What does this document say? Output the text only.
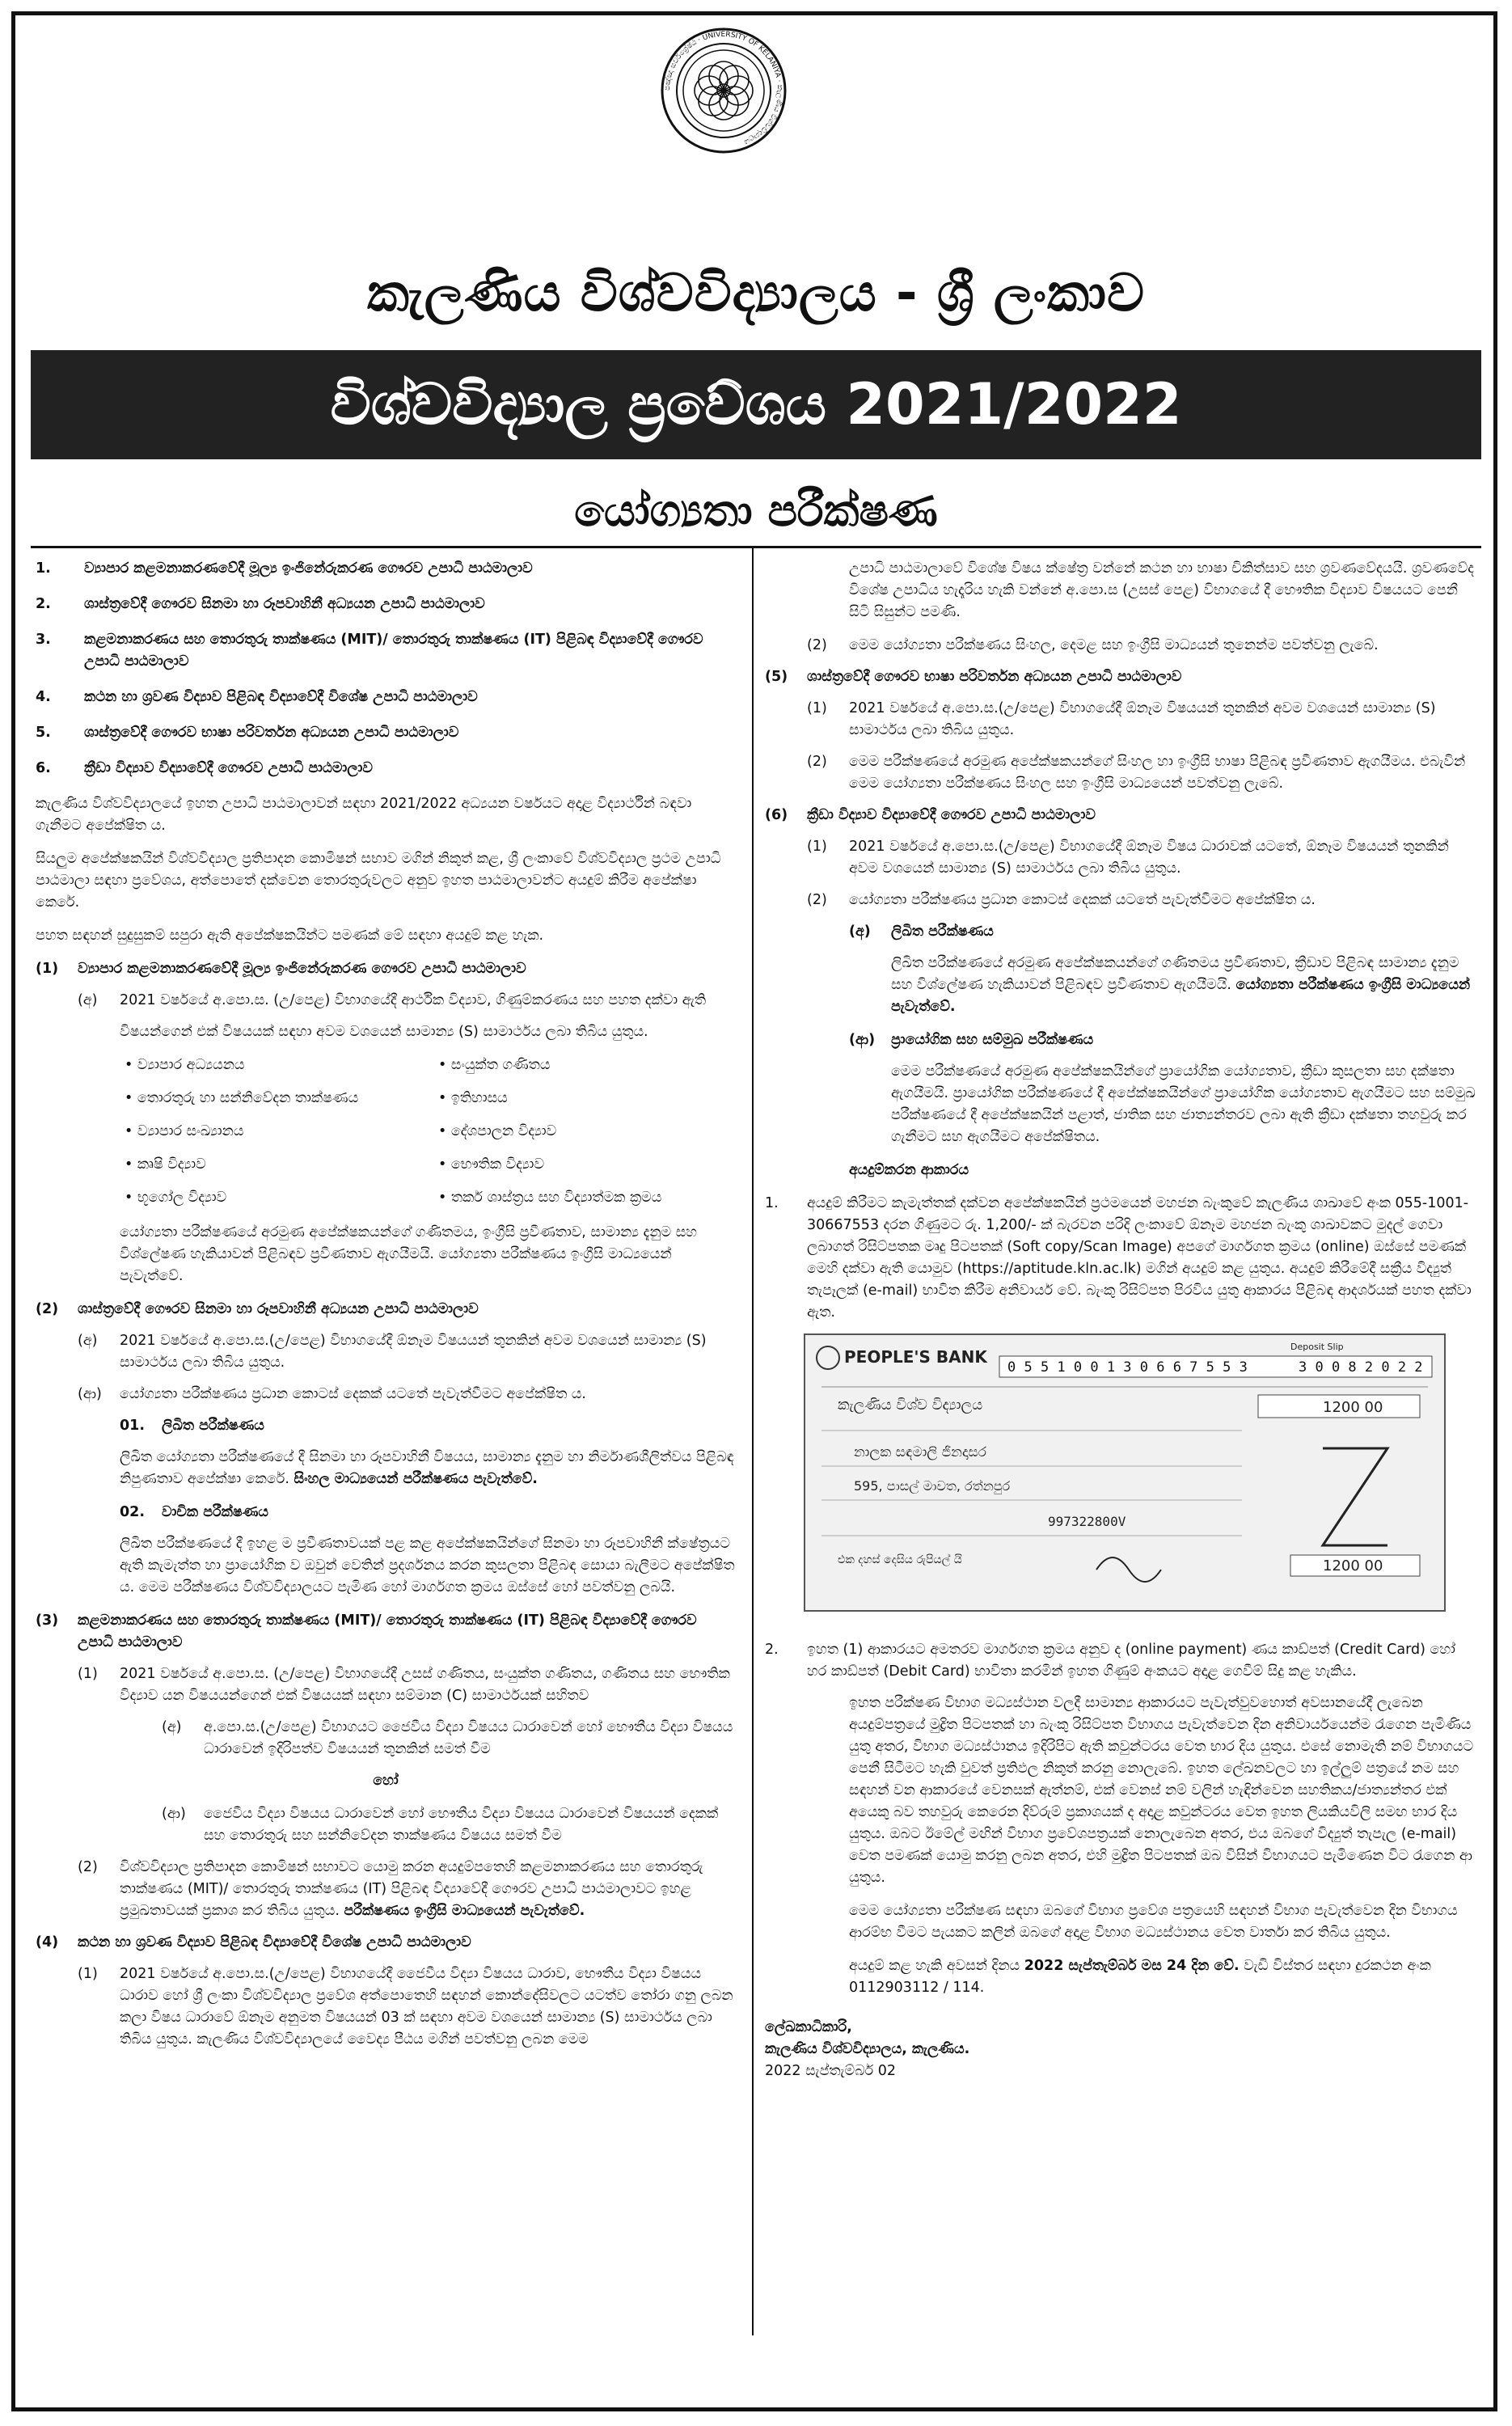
පඤ්ඤා සර්වශ්‍රේෂ්ඨ · UNIVERSITY OF KELANIYA · කැලණිය විශ්වවිද්‍යාලය
කැලණිය විශ්වවිද්‍යාලය - ශ්‍රී ලංකාව
විශ්වවිද්‍යාල ප්‍රවේශය 2021/2022
යෝග්‍යතා පරීක්ෂණ
1.	ව්‍යාපාර කළමනාකරණවේදී මූල්‍ය ඉංජිනේරුකරණ ගෞරව උපාධි පාඨමාලාව
2.	ශාස්ත්‍රවේදී ගෞරව සිනමා හා රූපවාහිනී අධ්‍යයන උපාධි පාඨමාලාව
3.	කළමනාකරණය සහ තොරතුරු තාක්ෂණය (MIT)/ තොරතුරු තාක්ෂණය (IT) පිළිබඳ විද්‍යාවේදී ගෞරව උපාධි පාඨමාලාව
4.	කථන හා ශ්‍රවණ විද්‍යාව පිළිබඳ විද්‍යාවේදී විශේෂ උපාධි පාඨමාලාව
5.	ශාස්ත්‍රවේදී ගෞරව භාෂා පරිවර්තන අධ්‍යයන උපාධි පාඨමාලාව
6.	ක්‍රීඩා විද්‍යාව විද්‍යාවේදී ගෞරව උපාධි පාඨමාලාව

කැලණිය විශ්වවිද්‍යාලයේ ඉහත උපාධි පාඨමාලාවන් සඳහා 2021/2022 අධ්‍යයන වර්ෂයට අදාළ විද්‍යාර්ථීන් බඳවා ගැනීමට අපේක්ෂිත ය.

සියලුම අපේක්ෂකයින් විශ්වවිද්‍යාල ප්‍රතිපාදන කොමිෂන් සභාව මගින් නිකුත් කළ, ශ්‍රී ලංකාවේ විශ්වවිද්‍යාල ප්‍රථම උපාධි පාඨමාලා සඳහා ප්‍රවේශය, අත්පොතේ දක්වෙන තොරතුරුවලට අනුව ඉහත පාඨමාලාවන්ට අයදුම් කිරීම අපේක්ෂා කෙරේ.

පහත සඳහන් සුදුසුකම් සපුරා ඇති අපේක්ෂකයින්ට පමණක් මේ සඳහා අයදුම් කළ හැක.

(1)	ව්‍යාපාර කළමනාකරණවේදී මූල්‍ය ඉංජිනේරුකරණ ගෞරව උපාධි පාඨමාලාව
(අ)	2021 වර්ෂයේ අ.පො.ස. (උ/පෙළ) විභාගයේදී ආර්ථික විද්‍යාව, ගිණුම්කරණය සහ පහත දක්වා ඇති

විෂයන්ගෙන් එක් විෂයයක් සඳහා අවම වශයෙන් සාමාන්‍ය (S) සාමාර්ථය ලබා තිබිය යුතුය.

• ව්‍යාපාර අධ්‍යයනය	• සංයුක්ත ගණිතය
• තොරතුරු හා සන්නිවේදන තාක්ෂණය	• ඉතිහාසය
• ව්‍යාපාර සංඛ්‍යානය	• දේශපාලන විද්‍යාව
• කෘෂි විද්‍යාව	• භෞතික විද්‍යාව
• භූගෝල විද්‍යාව	• තර්ක ශාස්ත්‍රය සහ විද්‍යාත්මක ක්‍රමය

යෝග්‍යතා පරීක්ෂණයේ අරමුණ අපේක්ෂකයන්ගේ ගණිතමය, ඉංග්‍රීසි ප්‍රවීණතාව, සාමාන්‍ය දැනුම සහ විශ්ලේෂණ හැකියාවන් පිළිබඳව ප්‍රවීණතාව ඇගයීමයි. යෝග්‍යතා පරීක්ෂණය ඉංග්‍රීසි මාධ්‍යයෙන් පැවැත්වේ.

(2)	ශාස්ත්‍රවේදී ගෞරව සිනමා හා රූපවාහිනී අධ්‍යයන උපාධි පාඨමාලාව
(අ)	2021 වර්ෂයේ අ.පො.ස.(උ/පෙළ) විභාගයේදී ඕනෑම විෂයයන් තුනකින් අවම වශයෙන් සාමාන්‍ය (S) සාමාර්ථය ලබා තිබිය යුතුය.
(ආ)	යෝග්‍යතා පරීක්ෂණය ප්‍රධාන කොටස් දෙකක් යටතේ පැවැත්වීමට අපේක්ෂිත ය.
01.	ලිඛිත පරීක්ෂණය

ලිඛිත යෝග්‍යතා පරීක්ෂණයේ දී සිනමා හා රූපවාහිනී විෂයය, සාමාන්‍ය දැනුම හා නිර්මාණශීලිත්වය පිළිබඳ නිපුණතාව අපේක්ෂා කෙරේ. සිංහල මාධ්‍යයෙන් පරීක්ෂණය පැවැත්වේ.

02.	වාචික පරීක්ෂණය

ලිඛිත පරීක්ෂණයේ දී ඉහළ ම ප්‍රවීණතාවයක් පළ කළ අපේක්ෂකයින්ගේ සිනමා හා රූපවාහිනී ක්ෂේත්‍රයට ඇති කැමැත්ත හා ප්‍රායෝගික ව ඔවුන් වෙතින් ප්‍රදර්ශනය කරන කුසලතා පිළිබඳ සොයා බැලීමට අපේක්ෂිත ය. මෙම පරීක්ෂණය විශ්වවිද්‍යාලයට පැමිණ හෝ මාර්ගගත ක්‍රමය ඔස්සේ හෝ පවත්වනු ලබයි.

(3)	කළමනාකරණය සහ තොරතුරු තාක්ෂණය (MIT)/ තොරතුරු තාක්ෂණය (IT) පිළිබඳ විද්‍යාවේදී ගෞරව උපාධි පාඨමාලාව
(1)	2021 වර්ෂයේ අ.පො.ස. (උ/පෙළ) විභාගයේදී උසස් ගණිතය, සංයුක්ත ගණිතය, ගණිතය සහ භෞතික විද්‍යාව යන විෂයයන්ගෙන් එක් විෂයයක් සඳහා සම්මාන (C) සාමාර්ථයක් සහිතව
(අ)	අ.පො.ස.(උ/පෙළ) විභාගයට ජෛවීය විද්‍යා විෂයය ධාරාවෙන් හෝ භෞතීය විද්‍යා විෂයය ධාරාවෙන් ඉදිරිපත්ව විෂයයන් තුනකින් සමත් වීම

හෝ

(ආ)	ජෛවීය විද්‍යා විෂයය ධාරාවෙන් හෝ භෞතීය විද්‍යා විෂයය ධාරාවෙන් විෂයයන් දෙකක් සහ තොරතුරු සහ සන්නිවේදන තාක්ෂණය විෂයය සමත් වීම
(2)	විශ්වවිද්‍යාල ප්‍රතිපාදන කොමිෂන් සභාවට යොමු කරන අයදුම්පතෙහි කළමනාකරණය සහ තොරතුරු තාක්ෂණය (MIT)/ තොරතුරු තාක්ෂණය (IT) පිළිබඳ විද්‍යාවේදී ගෞරව උපාධි පාඨමාලාවට ඉහළ ප්‍රමුඛතාවයක් ප්‍රකාශ කර තිබිය යුතුය. පරීක්ෂණය ඉංග්‍රීසි මාධ්‍යයෙන් පැවැත්වේ.
(4)	කථන හා ශ්‍රවණ විද්‍යාව පිළිබඳ විද්‍යාවේදී විශේෂ උපාධි පාඨමාලාව
(1)	2021 වර්ෂයේ අ.පො.ස.(උ/පෙළ) විභාගයේදී ජෛවීය විද්‍යා විෂයය ධාරාව, භෞතීය විද්‍යා විෂයය ධාරාව හෝ ශ්‍රී ලංකා විශ්වවිද්‍යාල ප්‍රවේශ අත්පොතෙහි සඳහන් කොන්දේසිවලට යටත්ව තෝරා ගනු ලබන කලා විෂය ධාරාවේ ඕනෑම අනුමත විෂයයන් 03 ක් සඳහා අවම වශයෙන් සාමාන්‍ය (S) සාමාර්ථය ලබා තිබිය යුතුය. කැලණිය විශ්වවිද්‍යාලයේ වෛද්‍ය පීඨය මගින් පවත්වනු ලබන මෙම

උපාධි පාඨමාලාවේ විශේෂ විෂය ක්ෂේත්‍ර වන්නේ කථන හා භාෂා චිකිත්සාව සහ ශ්‍රවණවේදයයි. ශ්‍රවණවේද විශේෂ උපාධිය හැදෑරිය හැකි වන්නේ අ.පො.ස (උසස් පෙළ) විභාගයේ දී භෞතික විද්‍යාව විෂයයට පෙනී සිටි සිසුන්ට පමණි.

(2)	මෙම යෝග්‍යතා පරීක්ෂණය සිංහල, දෙමළ සහ ඉංග්‍රීසි මාධ්‍යයන් තුනෙන්ම පවත්වනු ලැබේ.
(5)	ශාස්ත්‍රවේදී ගෞරව භාෂා පරිවර්තන අධ්‍යයන උපාධි පාඨමාලාව
(1)	2021 වර්ෂයේ අ.පො.ස.(උ/පෙළ) විභාගයේදී ඕනෑම විෂයයන් තුනකින් අවම වශයෙන් සාමාන්‍ය (S) සාමාර්ථය ලබා තිබිය යුතුය.
(2)	මෙම පරීක්ෂණයේ අරමුණ අපේක්ෂකයන්ගේ සිංහල හා ඉංග්‍රීසි භාෂා පිළිබඳ ප්‍රවීණතාව ඇගයීමය. එබැවින් මෙම යෝග්‍යතා පරීක්ෂණය සිංහල සහ ඉංග්‍රීසි මාධ්‍යයෙන් පවත්වනු ලැබේ.
(6)	ක්‍රීඩා විද්‍යාව විද්‍යාවේදී ගෞරව උපාධි පාඨමාලාව
(1)	2021 වර්ෂයේ අ.පො.ස.(උ/පෙළ) විභාගයේදී ඕනෑම විෂය ධාරාවක් යටතේ, ඕනෑම විෂයයන් තුනකින් අවම වශයෙන් සාමාන්‍ය (S) සාමාර්ථය ලබා තිබිය යුතුය.
(2)	යෝග්‍යතා පරීක්ෂණය ප්‍රධාන කොටස් දෙකක් යටතේ පැවැත්වීමට අපේක්ෂිත ය.
(අ)	ලිඛිත පරීක්ෂණය

ලිඛිත පරීක්ෂණයේ අරමුණ අපේක්ෂකයන්ගේ ගණිතමය ප්‍රවීණතාව, ක්‍රීඩාව පිළිබඳ සාමාන්‍ය දැනුම සහ විශ්ලේෂණ හැකියාවන් පිළිබඳව ප්‍රවීණතාව ඇගයීමයි. යෝග්‍යතා පරීක්ෂණය ඉංග්‍රීසි මාධ්‍යයෙන් පැවැත්වේ.

(ආ)	ප්‍රායෝගික සහ සම්මුඛ පරීක්ෂණය

මෙම පරීක්ෂණයේ අරමුණ අපේක්ෂකයින්ගේ ප්‍රායෝගික යෝග්‍යතාව, ක්‍රීඩා කුසලතා සහ දක්ෂතා ඇගයීමයි. ප්‍රායෝගික පරීක්ෂණයේ දී අපේක්ෂකයින්ගේ ප්‍රායෝගික යෝග්‍යතාව ඇගයීමට සහ සම්මුඛ පරීක්ෂණයේ දී අපේක්ෂකයින් පළාත්, ජාතික සහ ජාත්‍යන්තරව ලබා ඇති ක්‍රීඩා දක්ෂතා තහවුරු කර ගැනීමට සහ ඇගයීමට අපේක්ෂිතය.

අයදුම්කරන ආකාරය

1.	අයදුම් කිරීමට කැමැත්තක් දක්වන අපේක්ෂකයින් ප්‍රථමයෙන් මහජන බැංකුවේ කැලණිය ශාඛාවේ අංක 055-1001-30667553 දරන ගිණුමට රු. 1,200/- ක් බැරවන පරිදි ලංකාවේ ඕනෑම මහජන බැංකු ශාඛාවකට මුදල් ගෙවා ලබාගත් රිසිට්පතක මෘදු පිටපතක් (Soft copy/Scan Image) අපගේ මාර්ගගත ක්‍රමය (online) ඔස්සේ පමණක් මෙහි දක්වා ඇති යොමුව (https://aptitude.kln.ac.lk) මගින් අයදුම් කළ යුතුය. අයදුම් කිරීමේදී සක්‍රීය විද්‍යුත් තැපෑලක් (e-mail) භාවිත කිරීම අනිවාර්ය වේ. බැංකු රිසිට්පත පිරවිය යුතු ආකාරය පිළිබඳ ආදර්ශයක් පහත දක්වා ඇත.
PEOPLE'S BANK
Deposit Slip
0 5 5 1 0 0 1 3 0 6 6 7 5 5 3	3 0 0 8 2 0 2 2
කැලණිය විශ්ව විද්‍යාලය	1200 00
නාලක සඳමාලි ජිනදාසර
595, පාසල් මාවත, රත්නපුර
997322800V
එක දහස් දෙසිය රුපියල් යි	1200 00
2.	ඉහත (1) ආකාරයට අමතරව මාර්ගගත ක්‍රමය අනුව ද (online payment) ණය කාඩ්පත් (Credit Card) හෝ හර කාඩ්පත් (Debit Card) භාවිතා කරමින් ඉහත ගිණුම් අංකයට අදාළ ගෙවීම් සිදු කළ හැකිය.

ඉහත පරීක්ෂණ විභාග මධ්‍යස්ථාන වලදී සාමාන්‍ය ආකාරයට පැවැත්වුවහොත් අවසානයේදී ලැබෙන අයදුම්පත්‍රයේ මුද්‍රිත පිටපතක් හා බැංකු රිසිට්පත විභාගය පැවැත්වෙන දින අනිවාර්යයෙන්ම රැගෙන පැමිණිය යුතු අතර, විභාග මධ්‍යස්ථානය ඉදිරිපිට ඇති කවුන්ටරය වෙත භාර දිය යුතුය. එසේ නොමැති නම් විභාගයට පෙනී සිටීමට හැකි වුවත් ප්‍රතිඵල නිකුත් කරනු නොලැබේ. ඉහත ලේඛනවලට හා ඉල්ලුම් පත්‍රයේ නම සහ සඳහන් වන ආකාරයේ වෙනසක් ඇත්නම්, එක් වෙනස් නම් වලින් හැඳින්වෙන සහතිකය/ජාත්‍යන්තර එක් අයෙකු බව තහවුරු කෙරෙන දිව්රුම් ප්‍රකාශයක් ද අදාළ කවුන්ටරය වෙත ඉහත ලියකියවිලි සමඟ භාර දිය යුතුය. ඔබට ඊමේල් මඟින් විභාග ප්‍රවේශපත්‍රයක් නොලැබෙන අතර, එය ඔබගේ විද්‍යුත් තැපැල (e-mail) වෙත පමණක් යොමු කරනු ලබන අතර, එහි මුද්‍රිත පිටපතක් ඔබ විසින් විභාගයට පැමිණෙන විට රැගෙන ආ යුතුය.

මෙම යෝග්‍යතා පරීක්ෂණ සඳහා ඔබගේ විභාග ප්‍රවේශ පත්‍රයෙහි සඳහන් විභාග පැවැත්වෙන දින විභාගය ආරම්භ වීමට පැයකට කලින් ඔබගේ අදාළ විභාග මධ්‍යස්ථානය වෙත වාර්තා කර තිබිය යුතුය.

අයදුම් කළ හැකි අවසන් දිනය 2022 සැප්තැම්බර් මස 24 දින වේ. වැඩි විස්තර සඳහා දුරකථන අංක 0112903112 / 114.

ලේඛකාධිකාරි,
කැලණිය විශ්වවිද්‍යාලය, කැලණිය.
2022 සැප්තැම්බර් 02
